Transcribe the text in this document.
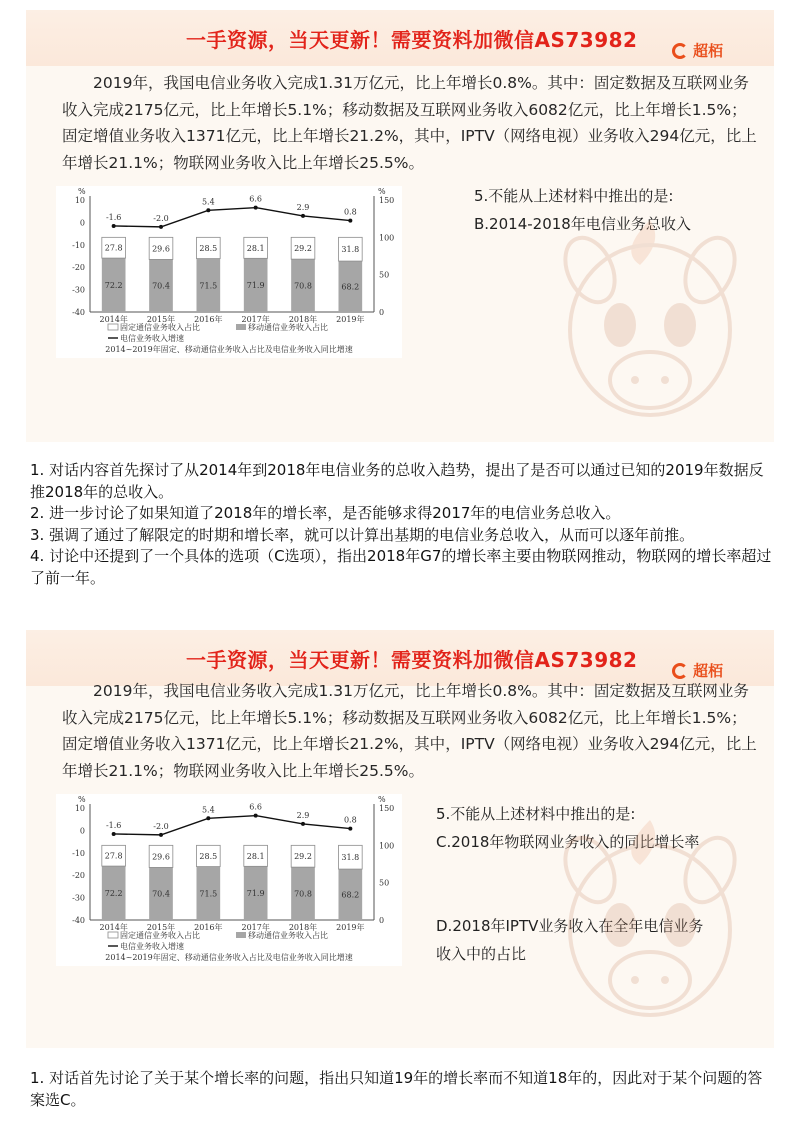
一手资源，当天更新！需要资料加微信AS73982	超栢
2019年，我国电信业务收入完成1.31万亿元，比上年增长0.8%。其中：固定数据及互联网业务收入完成2175亿元，比上年增长5.1%；移动数据及互联网业务收入6082亿元，比上年增长1.5%；固定增值业务收入1371亿元，比上年增长21.2%，其中，IPTV（网络电视）业务收入294亿元，比上年增长21.1%；物联网业务收入比上年增长25.5%。
%	%
10
0
-10
-20
-30
-40
150
100
50
0
27.8
72.2
2014年
29.6
70.4
2015年
28.5
71.5
2016年
28.1
71.9
2017年
29.2
70.8
2018年
31.8
68.2
2019年
-1.6	-2.0
5.4	6.6
2.9
0.8
固定通信业务收入占比	移动通信业务收入占比
电信业务收入增速
2014~2019年固定、移动通信业务收入占比及电信业务收入同比增速
5.不能从上述材料中推出的是:
B.2014-2018年电信业务总收入
1. 对话内容首先探讨了从2014年到2018年电信业务的总收入趋势，提出了是否可以通过已知的2019年数据反推2018年的总收入。
2. 进一步讨论了如果知道了2018年的增长率，是否能够求得2017年的电信业务总收入。
3. 强调了通过了解限定的时期和增长率，就可以计算出基期的电信业务总收入，从而可以逐年前推。
4. 讨论中还提到了一个具体的选项（C选项），指出2018年G7的增长率主要由物联网推动，物联网的增长率超过了前一年。
一手资源，当天更新！需要资料加微信AS73982	超栢
2019年，我国电信业务收入完成1.31万亿元，比上年增长0.8%。其中：固定数据及互联网业务收入完成2175亿元，比上年增长5.1%；移动数据及互联网业务收入6082亿元，比上年增长1.5%；固定增值业务收入1371亿元，比上年增长21.2%，其中，IPTV（网络电视）业务收入294亿元，比上年增长21.1%；物联网业务收入比上年增长25.5%。
%	%
10
0
-10
-20
-30
-40
150
100
50
0
27.8
72.2
2014年
29.6
70.4
2015年
28.5
71.5
2016年
28.1
71.9
2017年
29.2
70.8
2018年
31.8
68.2
2019年
-1.6	-2.0
5.4	6.6
2.9
0.8
固定通信业务收入占比	移动通信业务收入占比
电信业务收入增速
2014~2019年固定、移动通信业务收入占比及电信业务收入同比增速
5.不能从上述材料中推出的是:
C.2018年物联网业务收入的同比增长率
D.2018年IPTV业务收入在全年电信业务
收入中的占比
1. 对话首先讨论了关于某个增长率的问题，指出只知道19年的增长率而不知道18年的，因此对于某个问题的答案选C。
